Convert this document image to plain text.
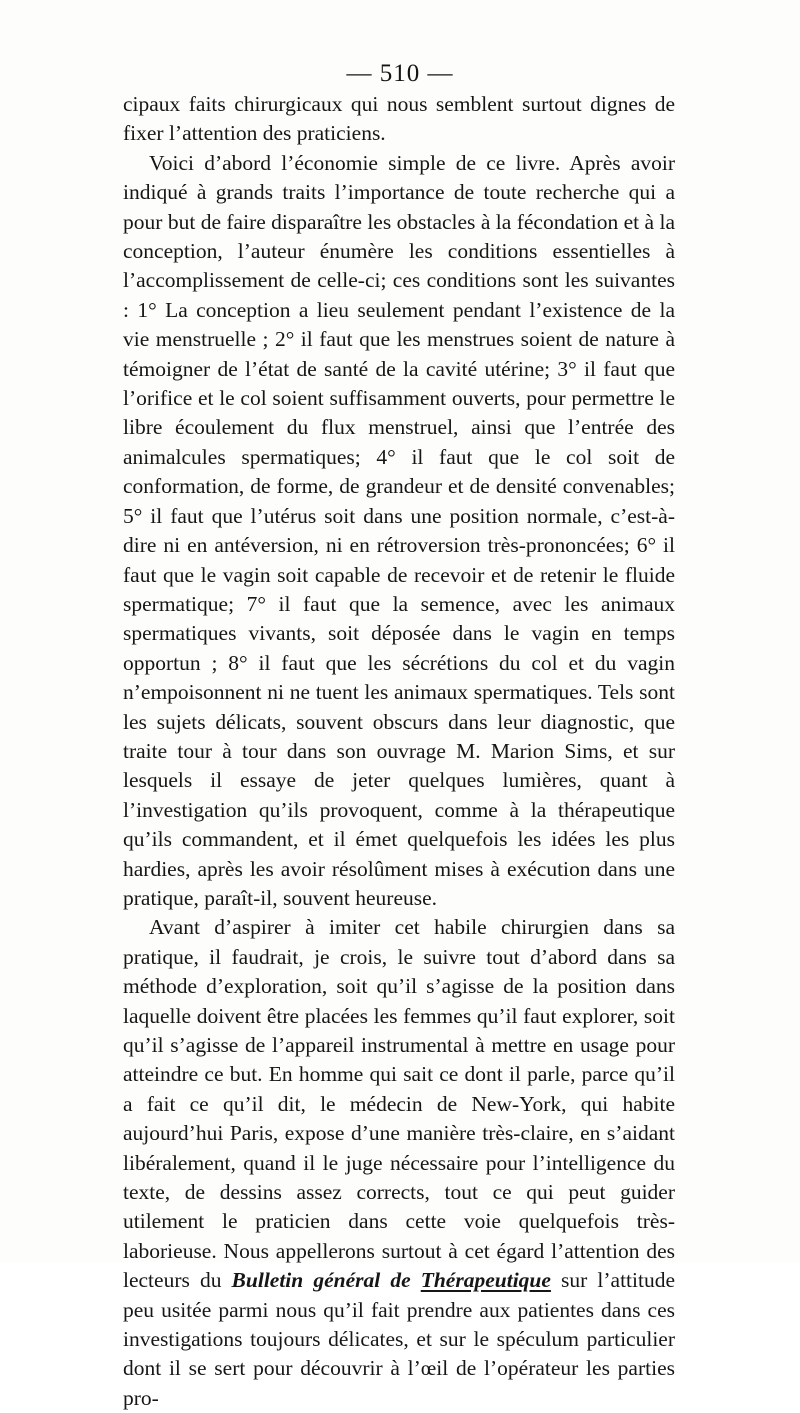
— 510 —

cipaux faits chirurgicaux qui nous semblent surtout dignes de fixer l’attention des praticiens.

Voici d’abord l’économie simple de ce livre. Après avoir indiqué à grands traits l’importance de toute recherche qui a pour but de faire disparaître les obstacles à la fécondation et à la conception, l’auteur énumère les conditions essentielles à l’accomplissement de celle-ci; ces conditions sont les suivantes : 1° La conception a lieu seulement pendant l’existence de la vie menstruelle ; 2° il faut que les menstrues soient de nature à témoigner de l’état de santé de la cavité utérine; 3° il faut que l’orifice et le col soient suffisamment ouverts, pour permettre le libre écoulement du flux menstruel, ainsi que l’entrée des animalcules spermatiques; 4° il faut que le col soit de conformation, de forme, de grandeur et de densité convenables; 5° il faut que l’utérus soit dans une position normale, c’est-à-dire ni en antéversion, ni en rétroversion très-prononcées; 6° il faut que le vagin soit capable de recevoir et de retenir le fluide spermatique; 7° il faut que la semence, avec les animaux spermatiques vivants, soit déposée dans le vagin en temps opportun ; 8° il faut que les sécrétions du col et du vagin n’empoisonnent ni ne tuent les animaux spermatiques. Tels sont les sujets délicats, souvent obscurs dans leur diagnostic, que traite tour à tour dans son ouvrage M. Marion Sims, et sur lesquels il essaye de jeter quelques lumières, quant à l’investigation qu’ils provoquent, comme à la thérapeutique qu’ils commandent, et il émet quelquefois les idées les plus hardies, après les avoir résolûment mises à exécution dans une pratique, paraît-il, souvent heureuse.

Avant d’aspirer à imiter cet habile chirurgien dans sa pratique, il faudrait, je crois, le suivre tout d’abord dans sa méthode d’exploration, soit qu’il s’agisse de la position dans laquelle doivent être placées les femmes qu’il faut explorer, soit qu’il s’agisse de l’appareil instrumental à mettre en usage pour atteindre ce but. En homme qui sait ce dont il parle, parce qu’il a fait ce qu’il dit, le médecin de New-York, qui habite aujourd’hui Paris, expose d’une manière très-claire, en s’aidant libéralement, quand il le juge nécessaire pour l’intelligence du texte, de dessins assez corrects, tout ce qui peut guider utilement le praticien dans cette voie quelquefois très-laborieuse. Nous appellerons surtout à cet égard l’attention des lecteurs du Bulletin général de Thérapeutique sur l’attitude peu usitée parmi nous qu’il fait prendre aux patientes dans ces investigations toujours délicates, et sur le spéculum particulier dont il se sert pour découvrir à l’œil de l’opérateur les parties pro-
